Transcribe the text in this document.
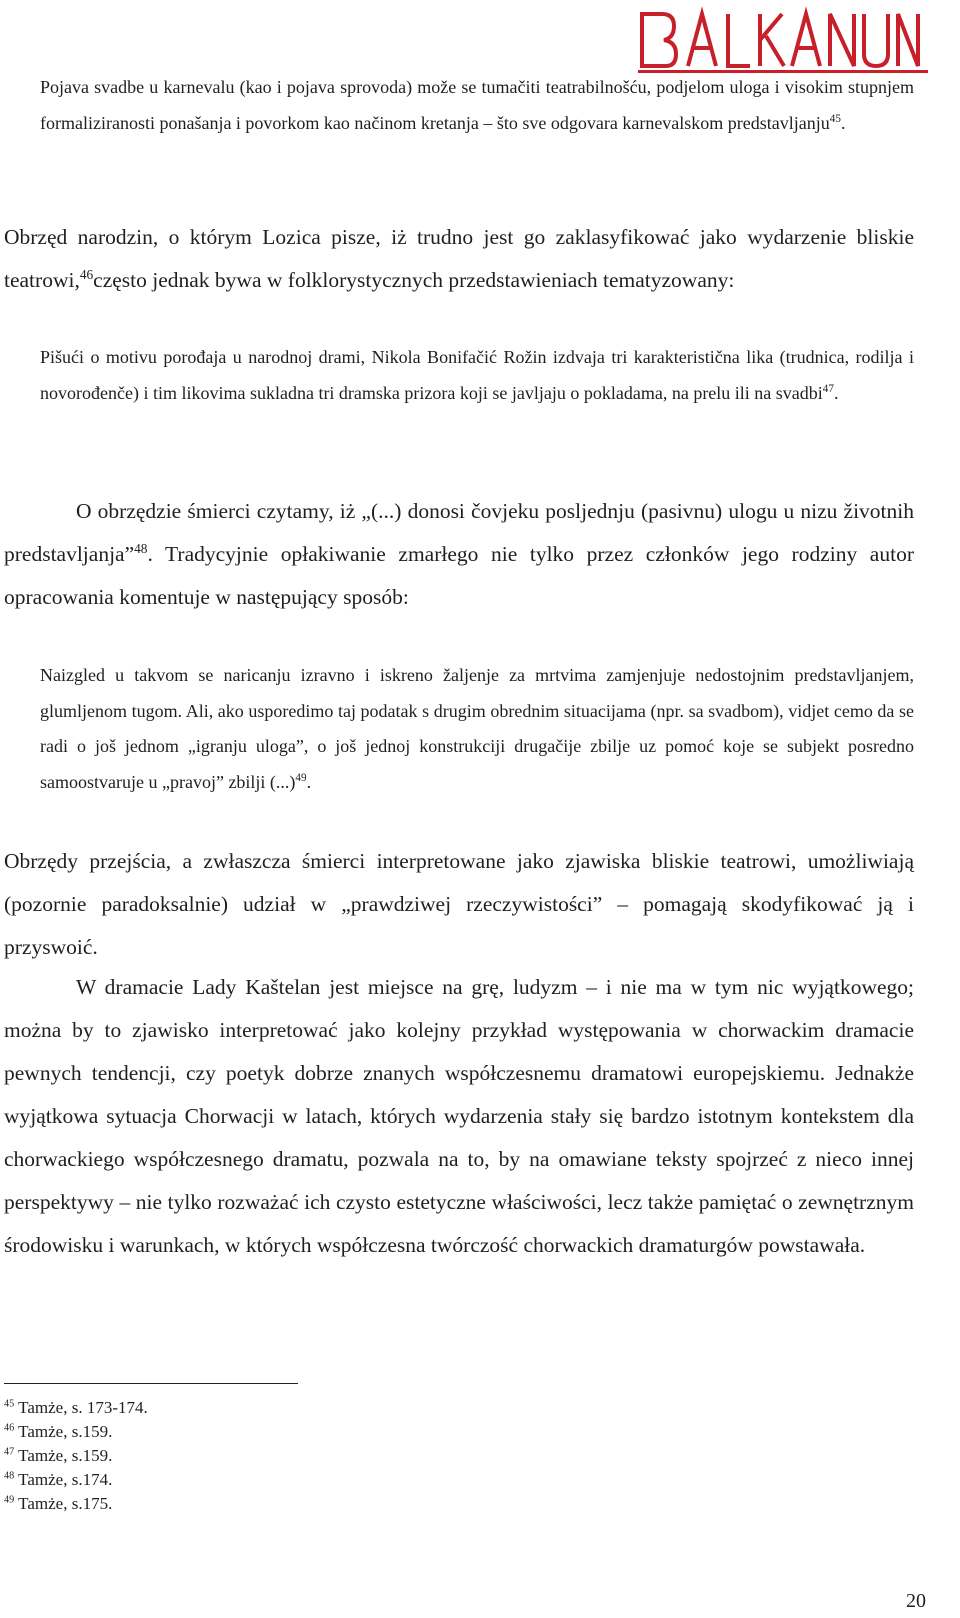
Pojava svadbe u karnevalu (kao i pojava sprovoda) može se tumačiti teatrabilnošću, podjelom uloga i visokim stupnjem formaliziranosti ponašanja i povorkom kao načinom kretanja – što sve odgovara karnevalskom predstavljanju$^{45}$.

Obrzęd narodzin, o którym Lozica pisze, iż trudno jest go zaklasyfikować jako wydarzenie bliskie teatrowi,$^{46}$często jednak bywa w folklorystycznych przedstawieniach tematyzowany:

Pišući o motivu porođaja u narodnoj drami, Nikola Bonifačić Rožin izdvaja tri karakteristična lika (trudnica, rodilja i novorođenče) i tim likovima sukladna tri dramska prizora koji se javljaju o pokladama, na prelu ili na svadbi$^{47}$.

O obrzędzie śmierci czytamy, iż „(...) donosi čovjeku posljednju (pasivnu) ulogu u nizu životnih predstavljanja”$^{48}$. Tradycyjnie opłakiwanie zmarłego nie tylko przez członków jego rodziny autor opracowania komentuje w następujący sposób:

Naizgled u takvom se naricanju izravno i iskreno žaljenje za mrtvima zamjenjuje nedostojnim predstavljanjem, glumljenom tugom. Ali, ako usporedimo taj podatak s drugim obrednim situacijama (npr. sa svadbom), vidjet cemo da se radi o još jednom „igranju uloga”, o još jednoj konstrukciji drugačije zbilje uz pomoć koje se subjekt posredno samoostvaruje u „pravoj” zbilji (...)$^{49}$.

Obrzędy przejścia, a zwłaszcza śmierci interpretowane jako zjawiska bliskie teatrowi, umożliwiają (pozornie paradoksalnie) udział w „prawdziwej rzeczywistości” – pomagają skodyfikować ją i przyswoić.

W dramacie Lady Kaštelan jest miejsce na grę, ludyzm – i nie ma w tym nic wyjątkowego; można by to zjawisko interpretować jako kolejny przykład występowania w chorwackim dramacie pewnych tendencji, czy poetyk dobrze znanych współczesnemu dramatowi europejskiemu. Jednakże wyjątkowa sytuacja Chorwacji w latach, których wydarzenia stały się bardzo istotnym kontekstem dla chorwackiego współczesnego dramatu, pozwala na to, by na omawiane teksty spojrzeć z nieco innej perspektywy – nie tylko rozważać ich czysto estetyczne właściwości, lecz także pamiętać o zewnętrznym środowisku i warunkach, w których współczesna twórczość chorwackich dramaturgów powstawała.

$^{45}$ Tamże, s. 173-174.
$^{46}$ Tamże, s.159.
$^{47}$ Tamże, s.159.
$^{48}$ Tamże, s.174.
$^{49}$ Tamże, s.175.
20
